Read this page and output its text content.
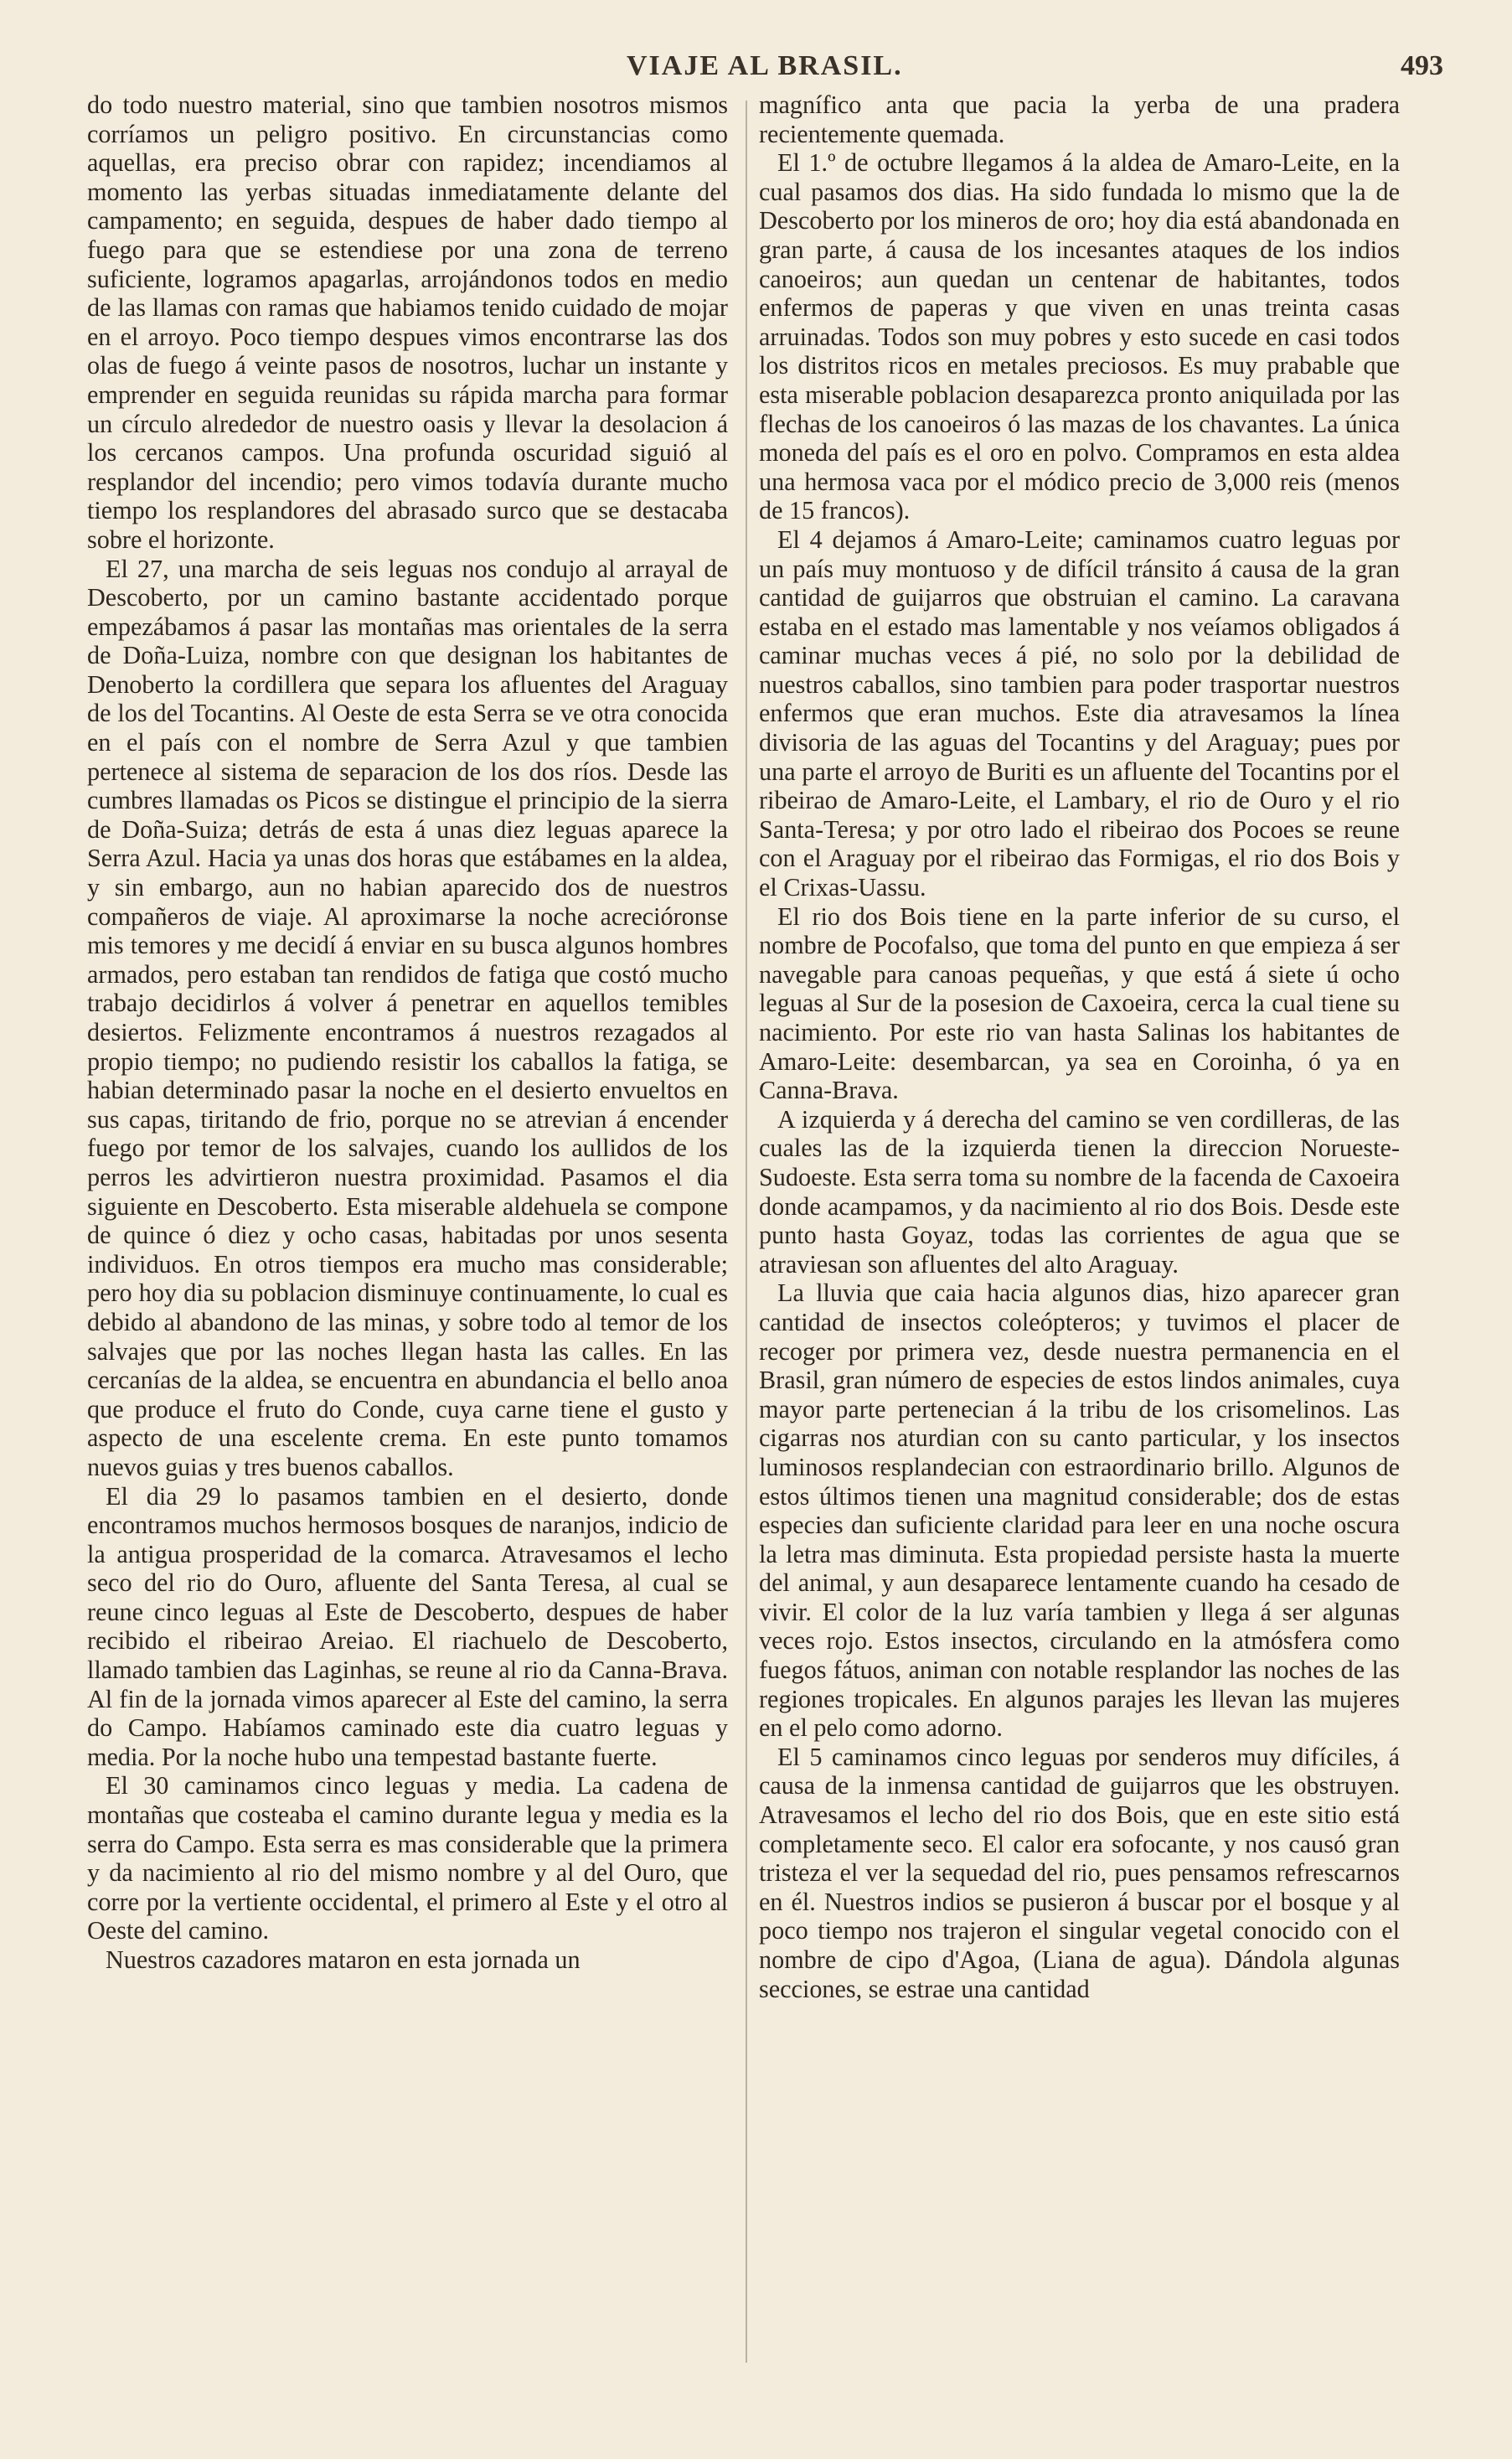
VIAJE AL BRASIL.	493

do todo nuestro material, sino que tambien nosotros mismos corríamos un peligro positivo. En circunstancias como aquellas, era preciso obrar con rapidez; incendiamos al momento las yerbas situadas inmediatamente delante del campamento; en seguida, despues de haber dado tiempo al fuego para que se estendiese por una zona de terreno suficiente, logramos apagarlas, arrojándonos todos en medio de las llamas con ramas que habiamos tenido cuidado de mojar en el arroyo. Poco tiempo despues vimos encontrarse las dos olas de fuego á veinte pasos de nosotros, luchar un instante y emprender en seguida reunidas su rápida marcha para formar un círculo alrededor de nuestro oasis y llevar la desolacion á los cercanos campos. Una profunda oscuridad siguió al resplandor del incendio; pero vimos todavía durante mucho tiempo los resplandores del abrasado surco que se destacaba sobre el horizonte.

El 27, una marcha de seis leguas nos condujo al arrayal de Descoberto, por un camino bastante accidentado porque empezábamos á pasar las montañas mas orientales de la serra de Doña-Luiza, nombre con que designan los habitantes de Denoberto la cordillera que separa los afluentes del Araguay de los del Tocantins. Al Oeste de esta Serra se ve otra conocida en el país con el nombre de Serra Azul y que tambien pertenece al sistema de separacion de los dos ríos. Desde las cumbres llamadas os Picos se distingue el principio de la sierra de Doña-Suiza; detrás de esta á unas diez leguas aparece la Serra Azul. Hacia ya unas dos horas que estábames en la aldea, y sin embargo, aun no habian aparecido dos de nuestros compañeros de viaje. Al aproximarse la noche acrecióronse mis temores y me decidí á enviar en su busca algunos hombres armados, pero estaban tan rendidos de fatiga que costó mucho trabajo decidirlos á volver á penetrar en aquellos temibles desiertos. Felizmente encontramos á nuestros rezagados al propio tiempo; no pudiendo resistir los caballos la fatiga, se habian determinado pasar la noche en el desierto envueltos en sus capas, tiritando de frio, porque no se atrevian á encender fuego por temor de los salvajes, cuando los aullidos de los perros les advirtieron nuestra proximidad. Pasamos el dia siguiente en Descoberto. Esta miserable aldehuela se compone de quince ó diez y ocho casas, habitadas por unos sesenta individuos. En otros tiempos era mucho mas considerable; pero hoy dia su poblacion disminuye continuamente, lo cual es debido al abandono de las minas, y sobre todo al temor de los salvajes que por las noches llegan hasta las calles. En las cercanías de la aldea, se encuentra en abundancia el bello anoa que produce el fruto do Conde, cuya carne tiene el gusto y aspecto de una escelente crema. En este punto tomamos nuevos guias y tres buenos caballos.

El dia 29 lo pasamos tambien en el desierto, donde encontramos muchos hermosos bosques de naranjos, indicio de la antigua prosperidad de la comarca. Atravesamos el lecho seco del rio do Ouro, afluente del Santa Teresa, al cual se reune cinco leguas al Este de Descoberto, despues de haber recibido el ribeirao Areiao. El riachuelo de Descoberto, llamado tambien das Laginhas, se reune al rio da Canna-Brava. Al fin de la jornada vimos aparecer al Este del camino, la serra do Campo. Habíamos caminado este dia cuatro leguas y media. Por la noche hubo una tempestad bastante fuerte.

El 30 caminamos cinco leguas y media. La cadena de montañas que costeaba el camino durante legua y media es la serra do Campo. Esta serra es mas considerable que la primera y da nacimiento al rio del mismo nombre y al del Ouro, que corre por la vertiente occidental, el primero al Este y el otro al Oeste del camino.

Nuestros cazadores mataron en esta jornada un

magnífico anta que pacia la yerba de una pradera recientemente quemada.

El 1.º de octubre llegamos á la aldea de Amaro-Leite, en la cual pasamos dos dias. Ha sido fundada lo mismo que la de Descoberto por los mineros de oro; hoy dia está abandonada en gran parte, á causa de los incesantes ataques de los indios canoeiros; aun quedan un centenar de habitantes, todos enfermos de paperas y que viven en unas treinta casas arruinadas. Todos son muy pobres y esto sucede en casi todos los distritos ricos en metales preciosos. Es muy prabable que esta miserable poblacion desaparezca pronto aniquilada por las flechas de los canoeiros ó las mazas de los chavantes. La única moneda del país es el oro en polvo. Compramos en esta aldea una hermosa vaca por el módico precio de 3,000 reis (menos de 15 francos).

El 4 dejamos á Amaro-Leite; caminamos cuatro leguas por un país muy montuoso y de difícil tránsito á causa de la gran cantidad de guijarros que obstruian el camino. La caravana estaba en el estado mas lamentable y nos veíamos obligados á caminar muchas veces á pié, no solo por la debilidad de nuestros caballos, sino tambien para poder trasportar nuestros enfermos que eran muchos. Este dia atravesamos la línea divisoria de las aguas del Tocantins y del Araguay; pues por una parte el arroyo de Buriti es un afluente del Tocantins por el ribeirao de Amaro-Leite, el Lambary, el rio de Ouro y el rio Santa-Teresa; y por otro lado el ribeirao dos Pocoes se reune con el Araguay por el ribeirao das Formigas, el rio dos Bois y el Crixas-Uassu.

El rio dos Bois tiene en la parte inferior de su curso, el nombre de Pocofalso, que toma del punto en que empieza á ser navegable para canoas pequeñas, y que está á siete ú ocho leguas al Sur de la posesion de Caxoeira, cerca la cual tiene su nacimiento. Por este rio van hasta Salinas los habitantes de Amaro-Leite: desembarcan, ya sea en Coroinha, ó ya en Canna-Brava.

A izquierda y á derecha del camino se ven cordilleras, de las cuales las de la izquierda tienen la direccion Norueste-Sudoeste. Esta serra toma su nombre de la facenda de Caxoeira donde acampamos, y da nacimiento al rio dos Bois. Desde este punto hasta Goyaz, todas las corrientes de agua que se atraviesan son afluentes del alto Araguay.

La lluvia que caia hacia algunos dias, hizo aparecer gran cantidad de insectos coleópteros; y tuvimos el placer de recoger por primera vez, desde nuestra permanencia en el Brasil, gran número de especies de estos lindos animales, cuya mayor parte pertenecian á la tribu de los crisomelinos. Las cigarras nos aturdian con su canto particular, y los insectos luminosos resplandecian con estraordinario brillo. Algunos de estos últimos tienen una magnitud considerable; dos de estas especies dan suficiente claridad para leer en una noche oscura la letra mas diminuta. Esta propiedad persiste hasta la muerte del animal, y aun desaparece lentamente cuando ha cesado de vivir. El color de la luz varía tambien y llega á ser algunas veces rojo. Estos insectos, circulando en la atmósfera como fuegos fátuos, animan con notable resplandor las noches de las regiones tropicales. En algunos parajes les llevan las mujeres en el pelo como adorno.

El 5 caminamos cinco leguas por senderos muy difíciles, á causa de la inmensa cantidad de guijarros que les obstruyen. Atravesamos el lecho del rio dos Bois, que en este sitio está completamente seco. El calor era sofocante, y nos causó gran tristeza el ver la sequedad del rio, pues pensamos refrescarnos en él. Nuestros indios se pusieron á buscar por el bosque y al poco tiempo nos trajeron el singular vegetal conocido con el nombre de cipo d'Agoa, (Liana de agua). Dándola algunas secciones, se estrae una cantidad
